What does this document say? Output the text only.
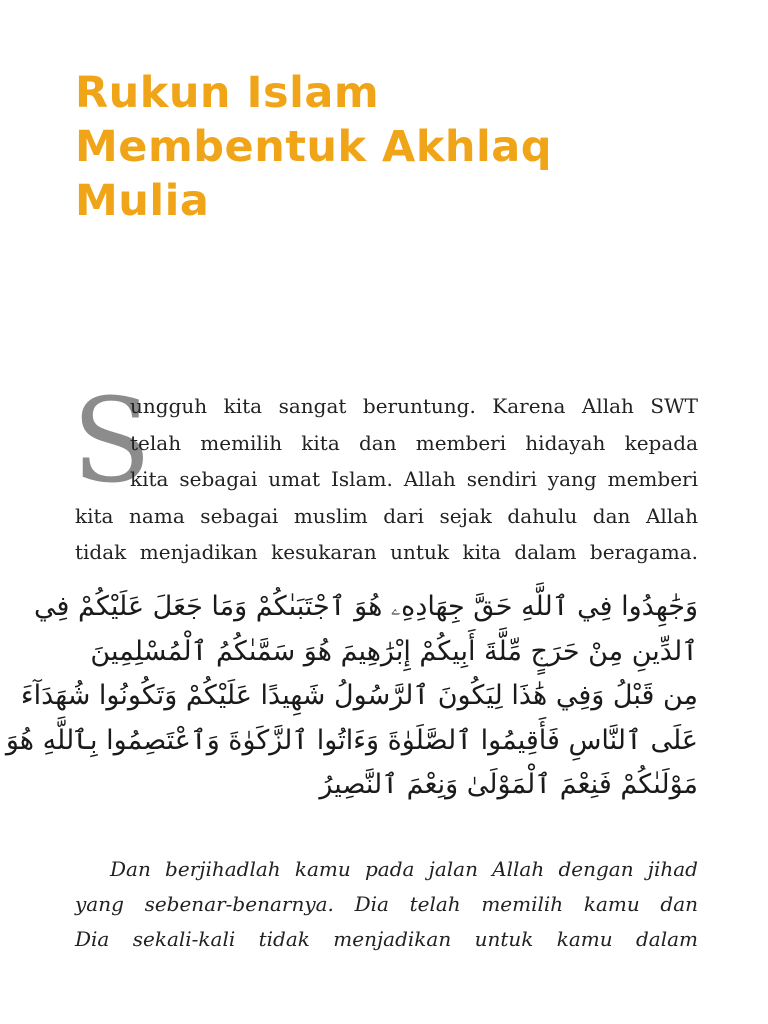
Rukun Islam
Membentuk Akhlaq
Mulia
S
ungguh kita sangat beruntung. Karena Allah SWT
telah memilih kita dan memberi hidayah kepada
kita sebagai umat Islam. Allah sendiri yang memberi
kita nama sebagai muslim dari sejak dahulu dan Allah
tidak menjadikan kesukaran untuk kita dalam beragama.
وَجَٰهِدُوا فِي ٱللَّهِ حَقَّ جِهَادِهِۦ هُوَ ٱجْتَبَىٰكُمْ وَمَا جَعَلَ عَلَيْكُمْ فِي
ٱلدِّينِ مِنْ حَرَجٍ مِّلَّةَ أَبِيكُمْ إِبْرَٰهِيمَ هُوَ سَمَّىٰكُمُ ٱلْمُسْلِمِينَ
مِن قَبْلُ وَفِي هَٰذَا لِيَكُونَ ٱلرَّسُولُ شَهِيدًا عَلَيْكُمْ وَتَكُونُوا شُهَدَآءَ
عَلَى ٱلنَّاسِ فَأَقِيمُوا ٱلصَّلَوٰةَ وَءَاتُوا ٱلزَّكَوٰةَ وَٱعْتَصِمُوا بِٱللَّهِ هُوَ
مَوْلَىٰكُمْ فَنِعْمَ ٱلْمَوْلَىٰ وَنِعْمَ ٱلنَّصِيرُ
Dan berjihadlah kamu pada jalan Allah dengan jihad
yang sebenar-benarnya. Dia telah memilih kamu dan
Dia sekali-kali tidak menjadikan untuk kamu dalam
